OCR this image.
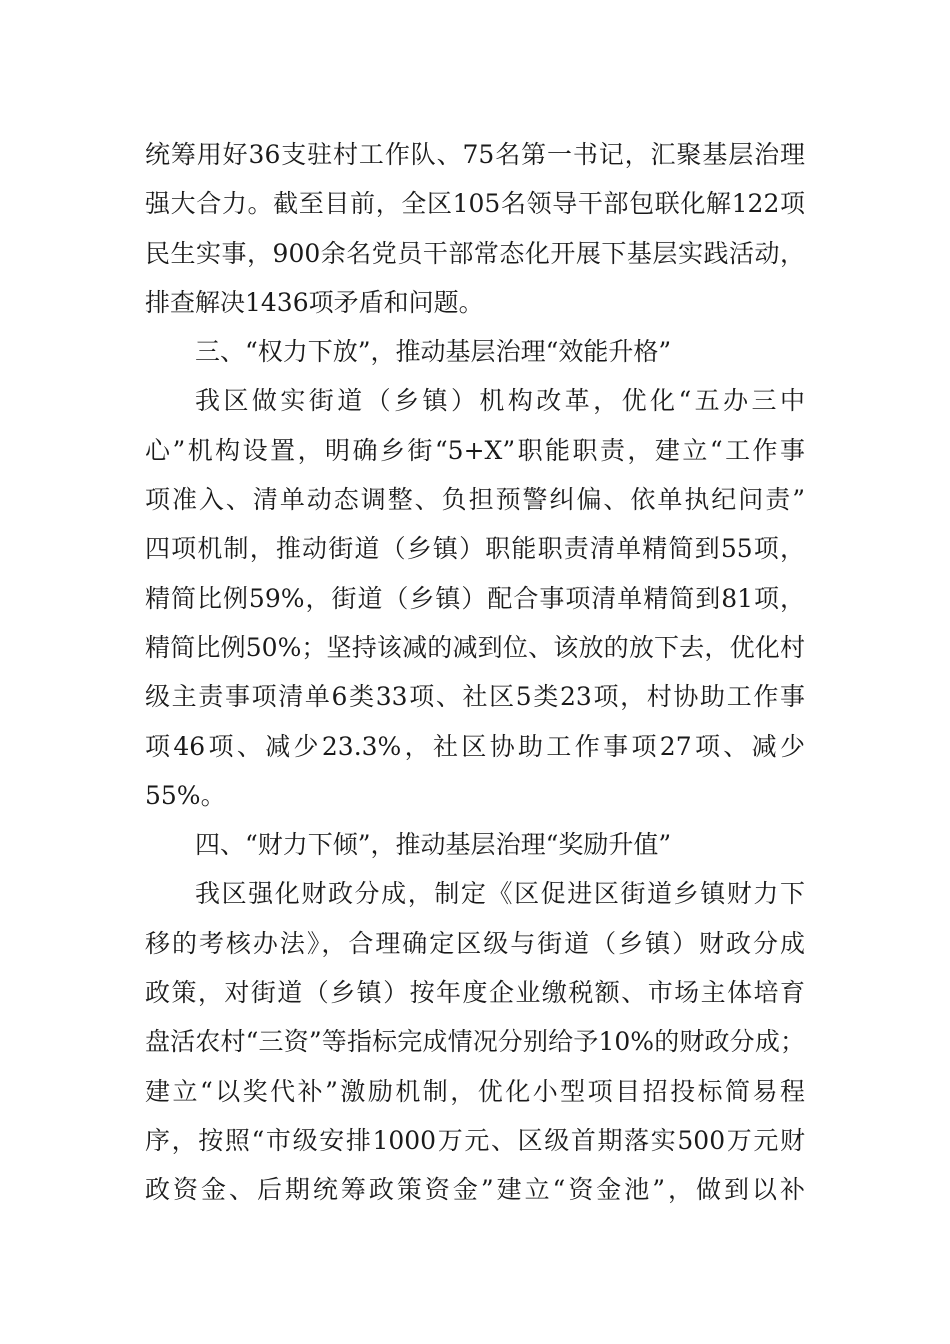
统筹用好36支驻村工作队、75名第一书记，汇聚基层治理
强大合力。截至目前，全区105名领导干部包联化解122项
民生实事，900余名党员干部常态化开展下基层实践活动，
排查解决1436项矛盾和问题。
三、“权力下放”，推动基层治理“效能升格”
我区做实街道（乡镇）机构改革，优化“五办三中
心”机构设置，明确乡街“5+X”职能职责，建立“工作事
项准入、清单动态调整、负担预警纠偏、依单执纪问责”
四项机制，推动街道（乡镇）职能职责清单精简到55项，
精简比例59%，街道（乡镇）配合事项清单精简到81项，
精简比例50%；坚持该减的减到位、该放的放下去，优化村
级主责事项清单6类33项、社区5类23项，村协助工作事
项46项、减少23.3%，社区协助工作事项27项、减少
55%。
四、“财力下倾”，推动基层治理“奖励升值”
我区强化财政分成，制定《区促进区街道乡镇财力下
移的考核办法》，合理确定区级与街道（乡镇）财政分成
政策，对街道（乡镇）按年度企业缴税额、市场主体培育
盘活农村“三资”等指标完成情况分别给予10%的财政分成；
建立“以奖代补”激励机制，优化小型项目招投标简易程
序，按照“市级安排1000万元、区级首期落实500万元财
政资金、后期统筹政策资金”建立“资金池”，做到以补
